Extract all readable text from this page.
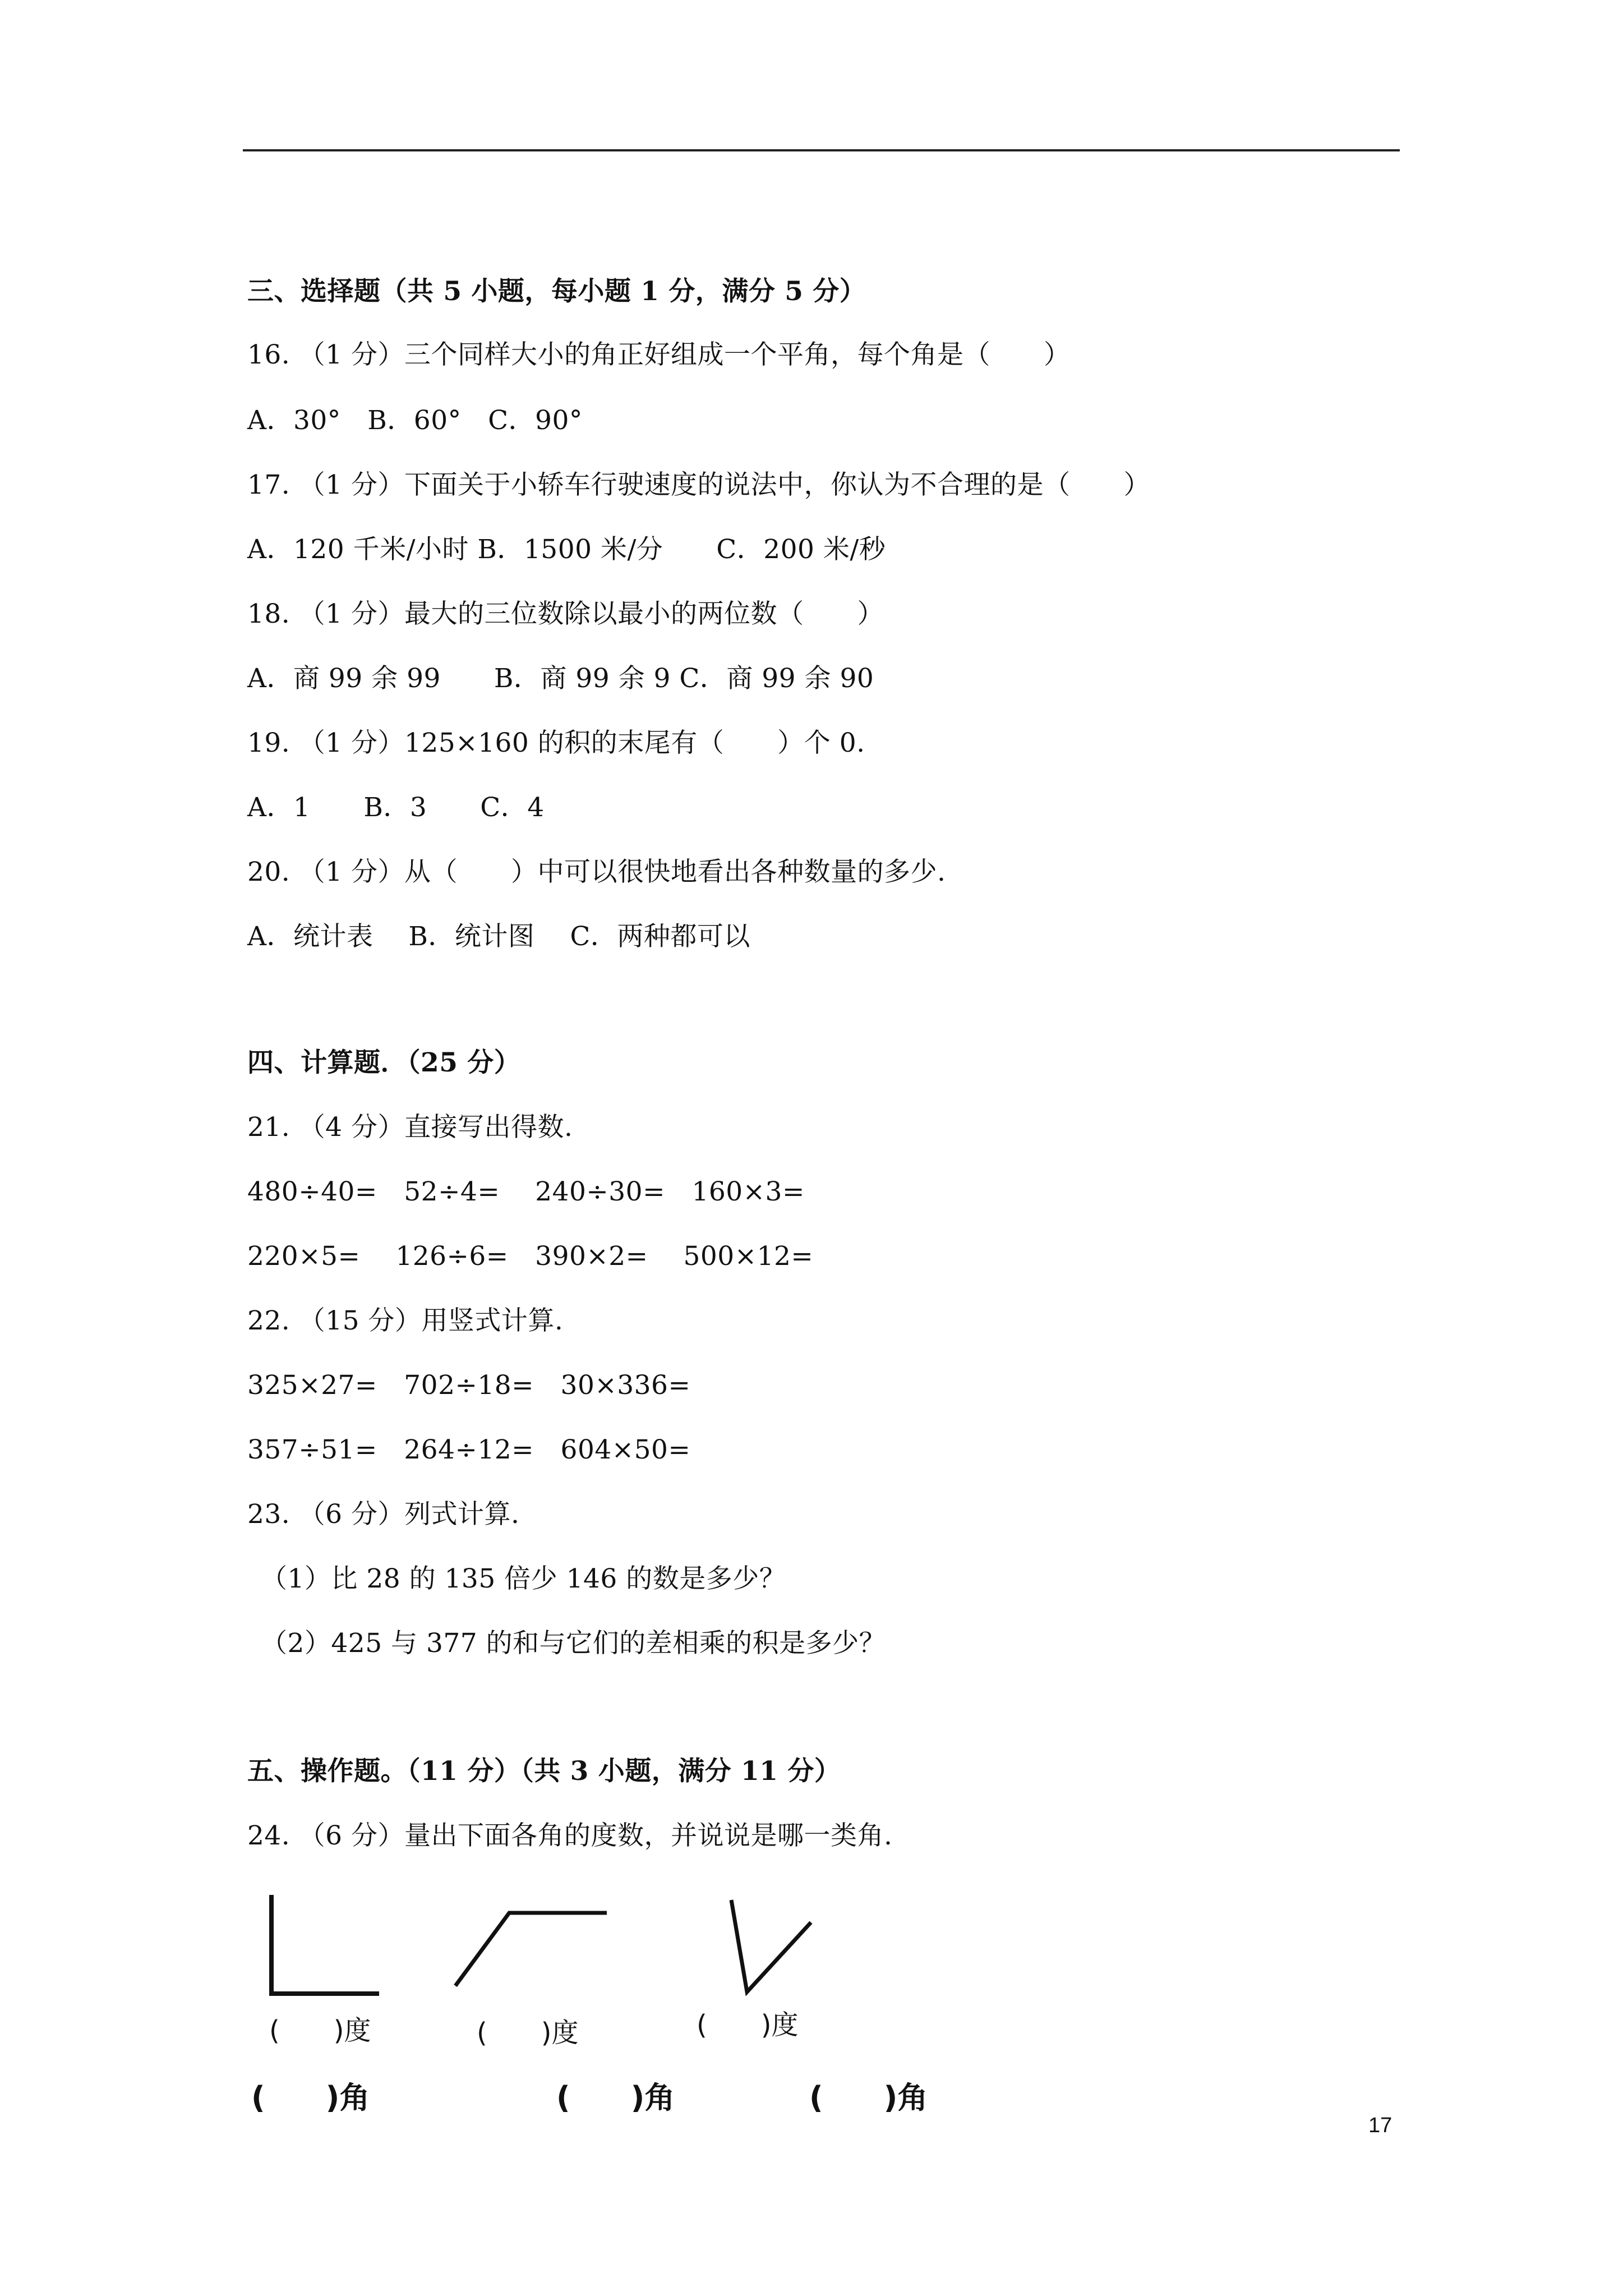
三、选择题（共 5 小题，每小题 1 分，满分 5 分）
16. （1 分）三个同样大小的角正好组成一个平角，每个角是（　　）
A．30°　B．60°　C．90°
17. （1 分）下面关于小轿车行驶速度的说法中，你认为不合理的是（　　）
A．120 千米/小时 B．1500 米/分　　C．200 米/秒
18. （1 分）最大的三位数除以最小的两位数（　　）
A．商 99 余 99　　B．商 99 余 9 C．商 99 余 90
19. （1 分）125×160 的积的末尾有（　　）个 0.
A．1　　B．3　　C．4
20. （1 分）从（　　）中可以很快地看出各种数量的多少.
A．统计表　 B．统计图　 C．两种都可以
四、计算题．（25 分）
21. （4 分）直接写出得数.
480÷40=　52÷4=　 240÷30=　160×3=
220×5=　 126÷6=　390×2=　 500×12=
22. （15 分）用竖式计算.
325×27=　702÷18=　30×336=
357÷51=　264÷12=　604×50=
23. （6 分）列式计算.
（1）比 28 的 135 倍少 146 的数是多少？
（2）425 与 377 的和与它们的差相乘的积是多少？
五、操作题。（11 分）（共 3 小题，满分 11 分）
24. （6 分）量出下面各角的度数，并说说是哪一类角.
(　　)度	(　　)度	(　　)度
(　　)角	(　　)角	(　　)角
17
